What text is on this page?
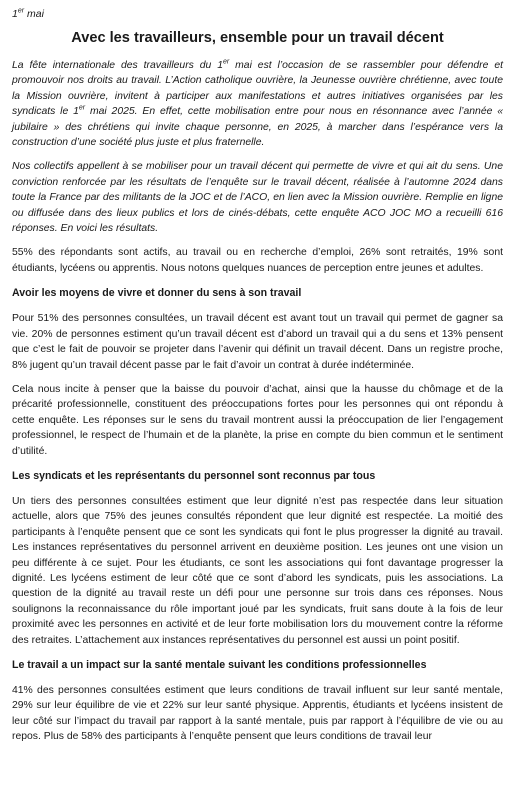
1er mai
Avec les travailleurs, ensemble pour un travail décent

La fête internationale des travailleurs du 1er mai est l’occasion de se rassembler pour défendre et promouvoir nos droits au travail. L’Action catholique ouvrière, la Jeunesse ouvrière chrétienne, avec toute la Mission ouvrière, invitent à participer aux manifestations et autres initiatives organisées par les syndicats le 1er mai 2025. En effet, cette mobilisation entre pour nous en résonnance avec l’année « jubilaire » des chrétiens qui invite chaque personne, en 2025, à marcher dans l’espérance vers la construction d’une société plus juste et plus fraternelle.

Nos collectifs appellent à se mobiliser pour un travail décent qui permette de vivre et qui ait du sens. Une conviction renforcée par les résultats de l’enquête sur le travail décent, réalisée à l’automne 2024 dans toute la France par des militants de la JOC et de l’ACO, en lien avec la Mission ouvrière. Remplie en ligne ou diffusée dans des lieux publics et lors de cinés-débats, cette enquête ACO JOC MO a recueilli 616 réponses. En voici les résultats.

55% des répondants sont actifs, au travail ou en recherche d’emploi, 26% sont retraités, 19% sont étudiants, lycéens ou apprentis. Nous notons quelques nuances de perception entre jeunes et adultes.

Avoir les moyens de vivre et donner du sens à son travail

Pour 51% des personnes consultées, un travail décent est avant tout un travail qui permet de gagner sa vie. 20% de personnes estiment qu’un travail décent est d’abord un travail qui a du sens et 13% pensent que c’est le fait de pouvoir se projeter dans l’avenir qui définit un travail décent. Dans un registre proche, 8% jugent qu’un travail décent passe par le fait d’avoir un contrat à durée indéterminée.

Cela nous incite à penser que la baisse du pouvoir d’achat, ainsi que la hausse du chômage et de la précarité professionnelle, constituent des préoccupations fortes pour les personnes qui ont répondu à cette enquête. Les réponses sur le sens du travail montrent aussi la préoccupation de lier l’engagement professionnel, le respect de l’humain et de la planète, la prise en compte du bien commun et le sentiment d’utilité.

Les syndicats et les représentants du personnel sont reconnus par tous

Un tiers des personnes consultées estiment que leur dignité n’est pas respectée dans leur situation actuelle, alors que 75% des jeunes consultés répondent que leur dignité est respectée. La moitié des participants à l’enquête pensent que ce sont les syndicats qui font le plus progresser la dignité au travail. Les instances représentatives du personnel arrivent en deuxième position. Les jeunes ont une vision un peu différente à ce sujet. Pour les étudiants, ce sont les associations qui font davantage progresser la dignité. Les lycéens estiment de leur côté que ce sont d’abord les syndicats, puis les associations. La question de la dignité au travail reste un défi pour une personne sur trois dans ces réponses. Nous soulignons la reconnaissance du rôle important joué par les syndicats, fruit sans doute à la fois de leur proximité avec les personnes en activité et de leur forte mobilisation lors du mouvement contre la réforme des retraites. L’attachement aux instances représentatives du personnel est aussi un point positif.

Le travail a un impact sur la santé mentale suivant les conditions professionnelles

41% des personnes consultées estiment que leurs conditions de travail influent sur leur santé mentale, 29% sur leur équilibre de vie et 22% sur leur santé physique. Apprentis, étudiants et lycéens insistent de leur côté sur l’impact du travail par rapport à la santé mentale, puis par rapport à l’équilibre de vie ou au repos. Plus de 58% des participants à l’enquête pensent que leurs conditions de travail leur
